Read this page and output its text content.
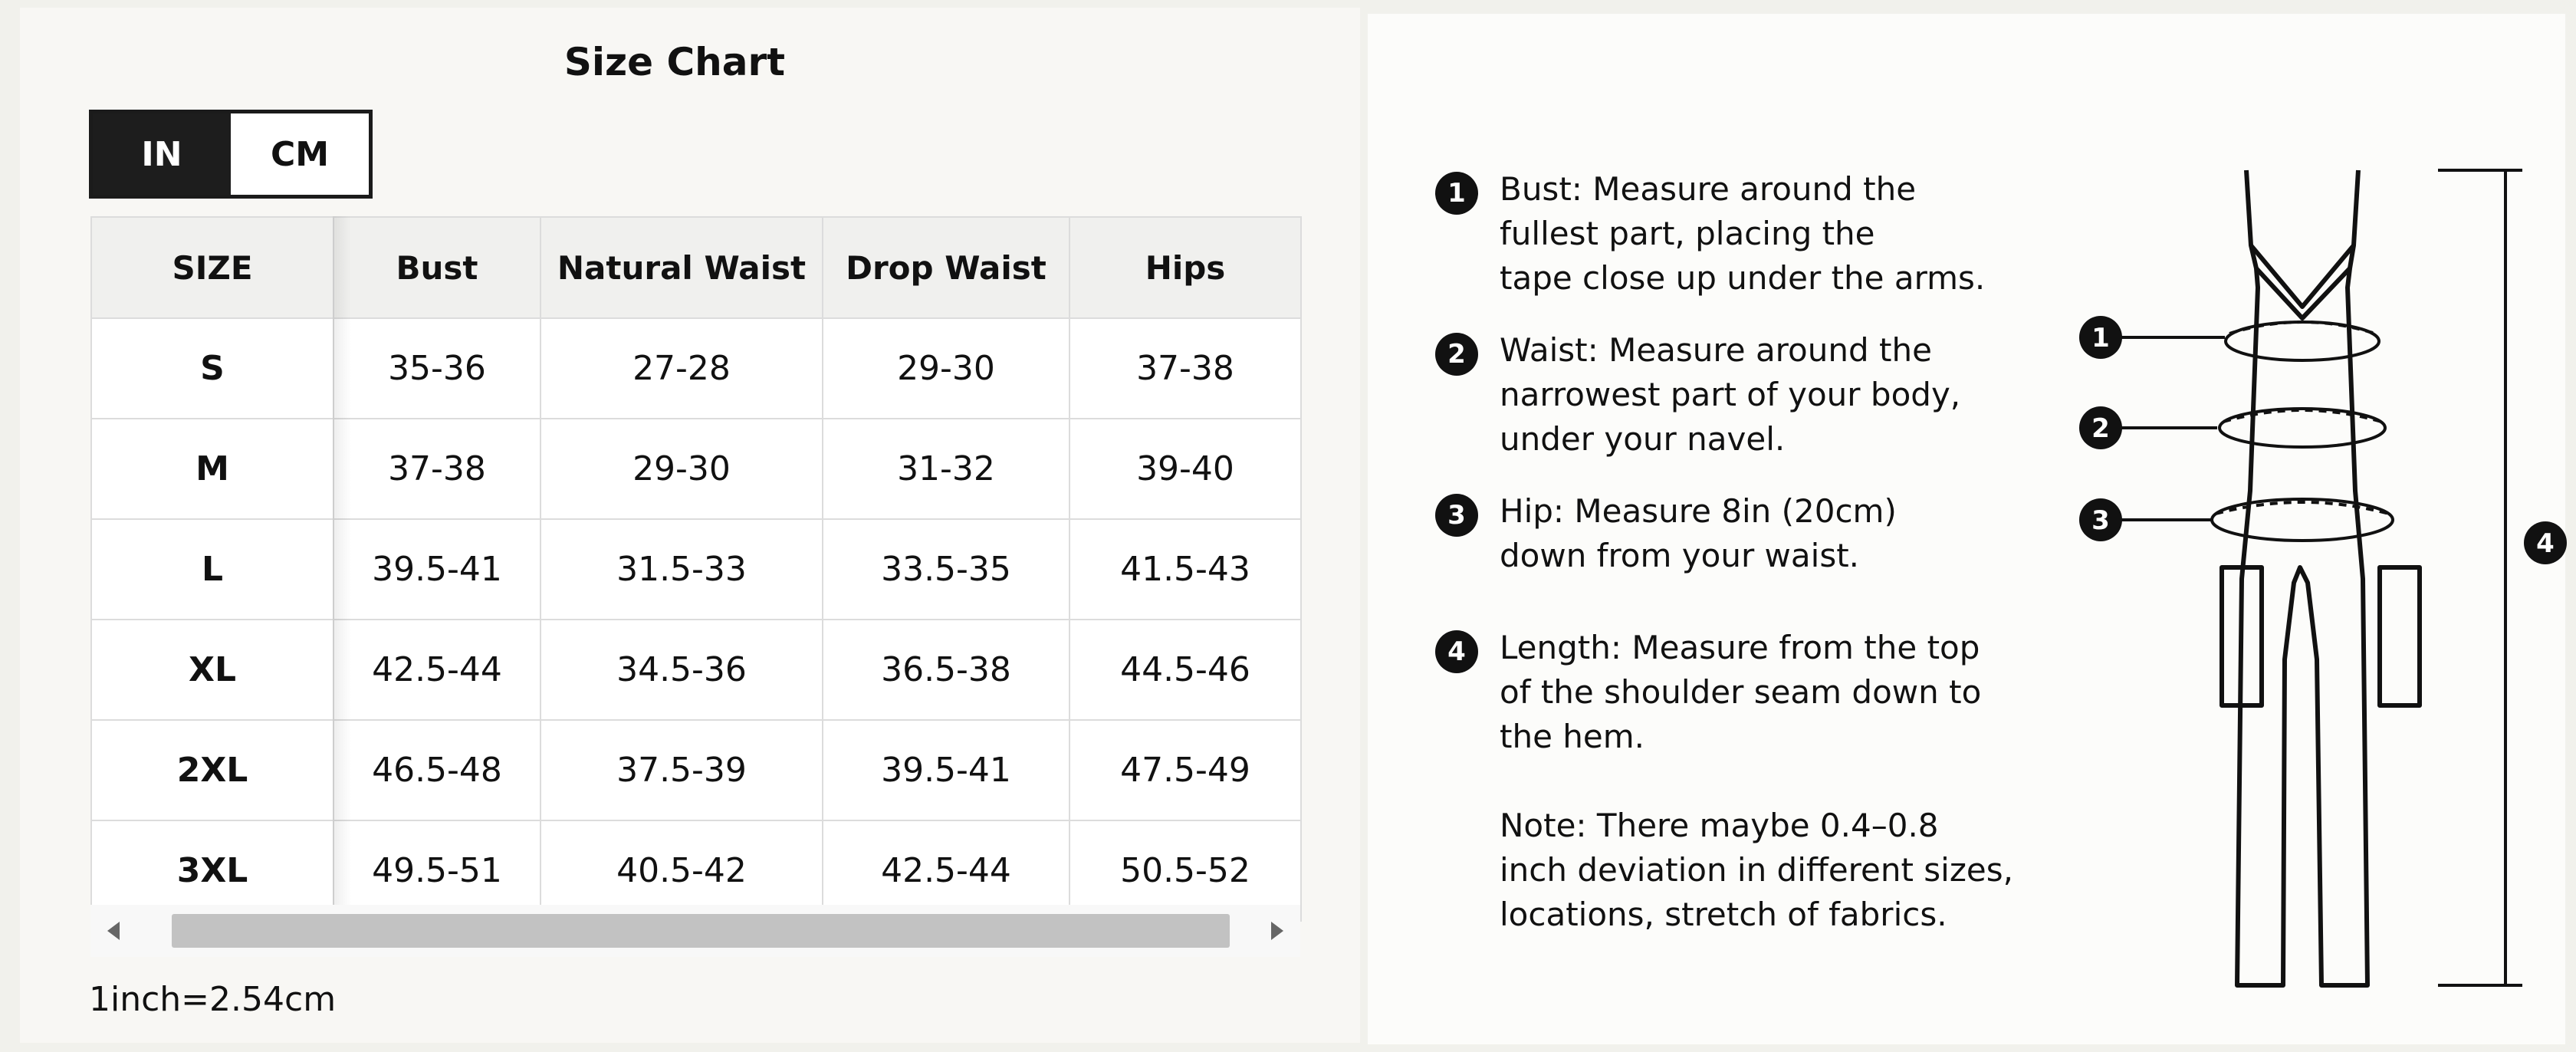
Size Chart
IN	CM
SIZE	Bust	Natural Waist	Drop Waist	Hips
S	35-36	27-28	29-30	37-38
M	37-38	29-30	31-32	39-40
L	39.5-41	31.5-33	33.5-35	41.5-43
XL	42.5-44	34.5-36	36.5-38	44.5-46
2XL	46.5-48	37.5-39	39.5-41	47.5-49
3XL	49.5-51	40.5-42	42.5-44	50.5-52
1inch=2.54cm
1	Bust: Measure around the
fullest part, placing the
tape close up under the arms.
2	Waist: Measure around the
narrowest part of your body,
under your navel.
3	Hip: Measure 8in (20cm)
down from your waist.
4	Length: Measure from the top
of the shoulder seam down to
the hem.
Note: There maybe 0.4–0.8
inch deviation in different sizes,
locations, stretch of fabrics.
1
2
3
4
